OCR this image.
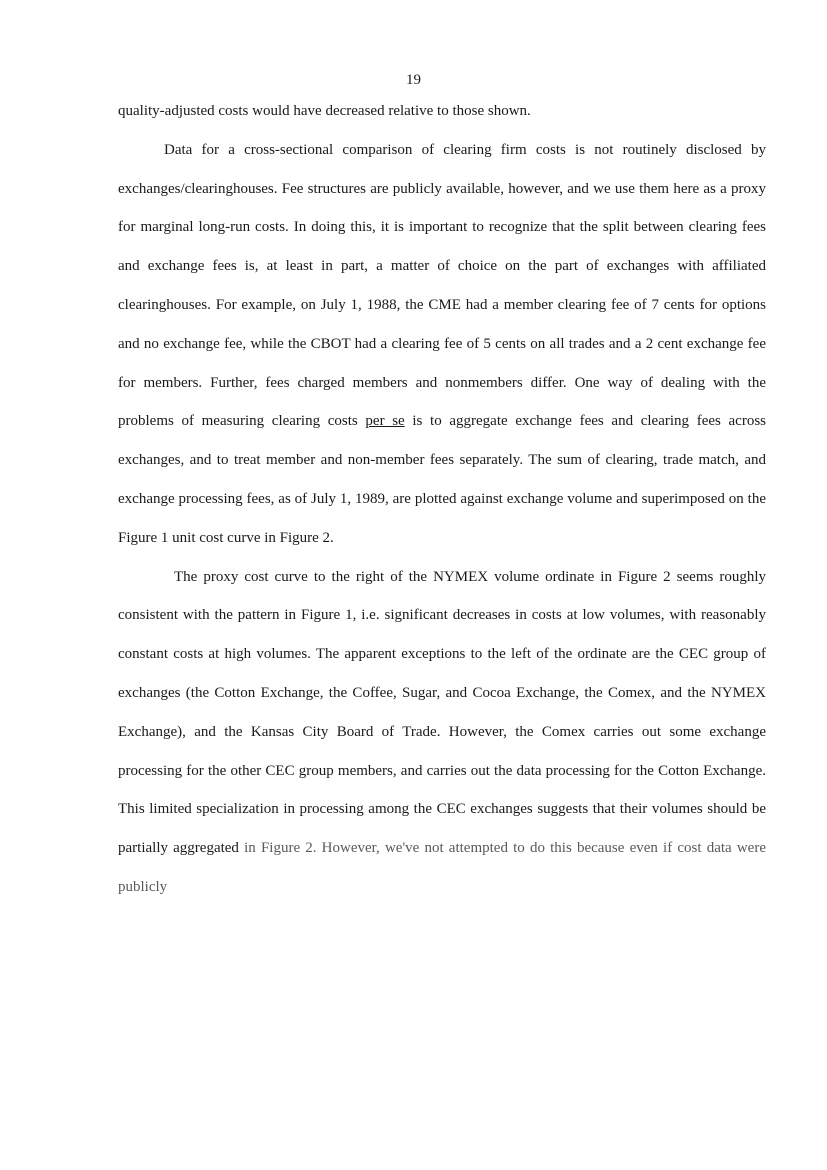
19

quality-adjusted costs would have decreased relative to those shown.

Data for a cross-sectional comparison of clearing firm costs is not routinely disclosed by exchanges/clearinghouses. Fee structures are publicly available, however, and we use them here as a proxy for marginal long-run costs. In doing this, it is important to recognize that the split between clearing fees and exchange fees is, at least in part, a matter of choice on the part of exchanges with affiliated clearinghouses. For example, on July 1, 1988, the CME had a member clearing fee of 7 cents for options and no exchange fee, while the CBOT had a clearing fee of 5 cents on all trades and a 2 cent exchange fee for members. Further, fees charged members and nonmembers differ. One way of dealing with the problems of measuring clearing costs per se is to aggregate exchange fees and clearing fees across exchanges, and to treat member and non-member fees separately. The sum of clearing, trade match, and exchange processing fees, as of July 1, 1989, are plotted against exchange volume and superimposed on the Figure 1 unit cost curve in Figure 2.

The proxy cost curve to the right of the NYMEX volume ordinate in Figure 2 seems roughly consistent with the pattern in Figure 1, i.e. significant decreases in costs at low volumes, with reasonably constant costs at high volumes. The apparent exceptions to the left of the ordinate are the CEC group of exchanges (the Cotton Exchange, the Coffee, Sugar, and Cocoa Exchange, the Comex, and the NYMEX Exchange), and the Kansas City Board of Trade. However, the Comex carries out some exchange processing for the other CEC group members, and carries out the data processing for the Cotton Exchange. This limited specialization in processing among the CEC exchanges suggests that their volumes should be partially aggregated in Figure 2. However, we've not attempted to do this because even if cost data were publicly
